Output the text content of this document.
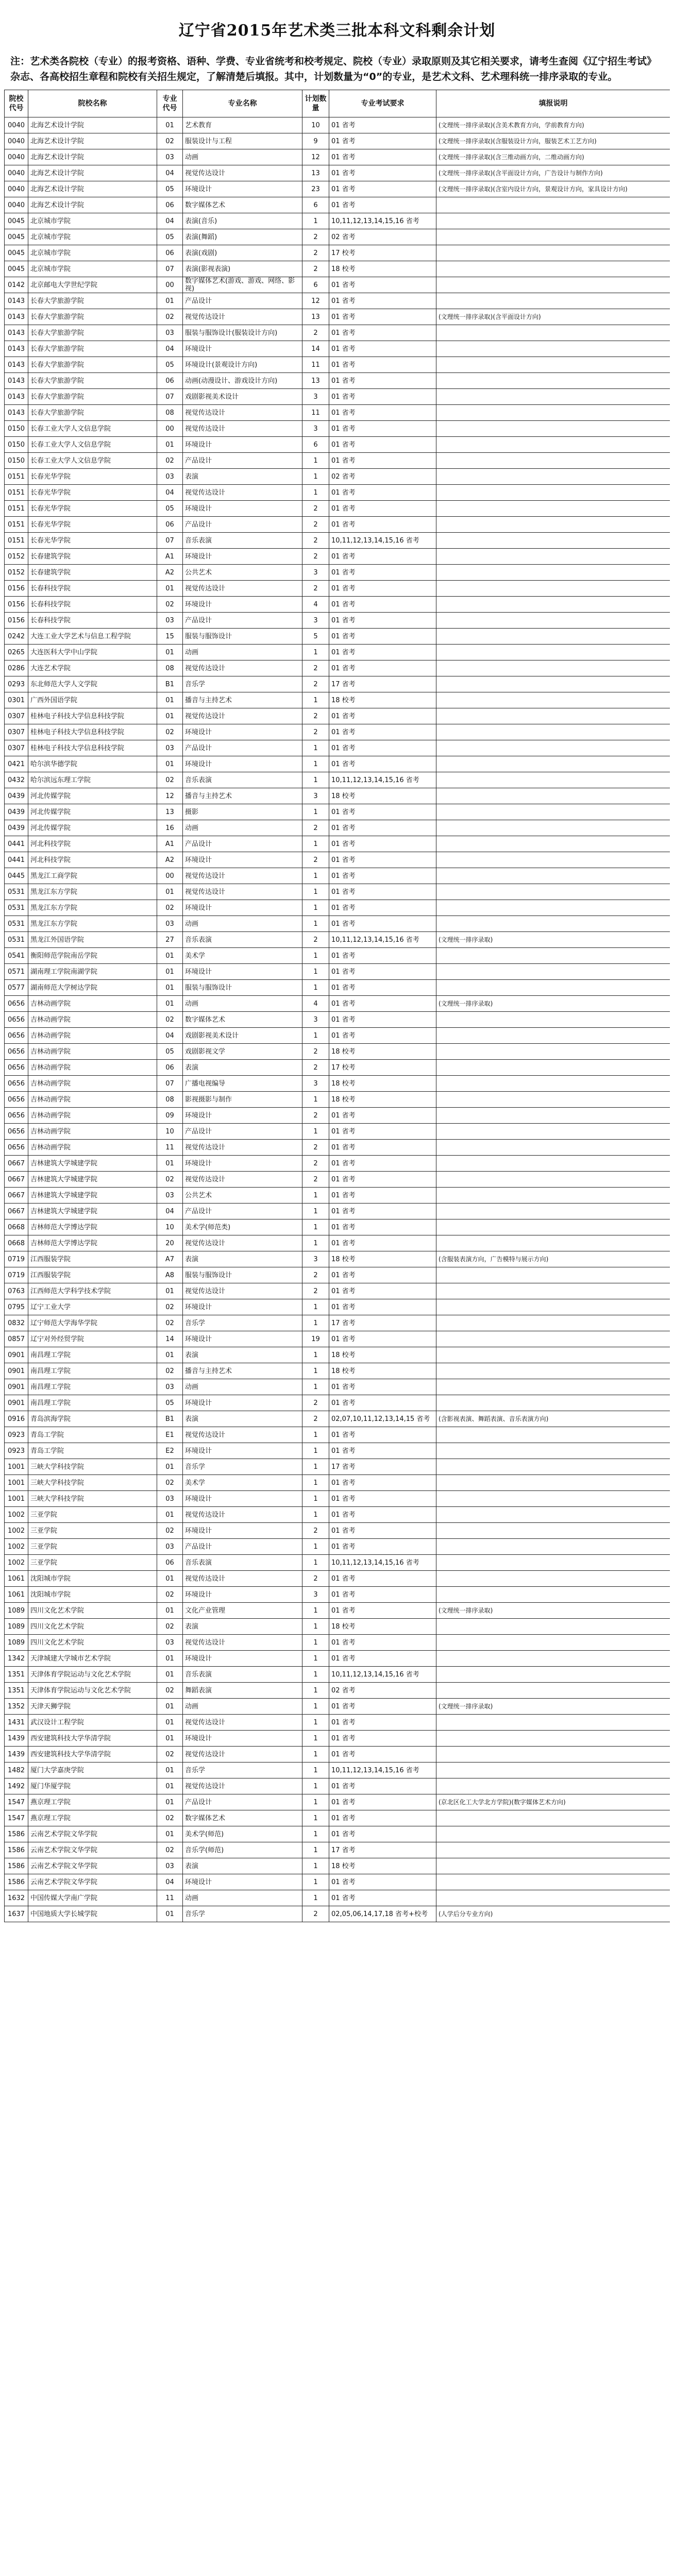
辽宁省2015年艺术类三批本科文科剩余计划
注：艺术类各院校（专业）的报考资格、语种、学费、专业省统考和校考规定、院校（专业）录取原则及其它相关要求，请考生查阅《辽宁招生考试》杂志、各高校招生章程和院校有关招生规定，了解清楚后填报。其中，计划数量为“0”的专业，是艺术文科、艺术理科统一排序录取的专业。
院校代号	院校名称	专业代号	专业名称	计划数量	专业考试要求	填报说明
0040	北海艺术设计学院	01	艺术教育	10	01 省考	(文理统一排序录取)(含美术教育方向，学前教育方向)
0040	北海艺术设计学院	02	服装设计与工程	9	01 省考	(文理统一排序录取)(含服装设计方向，服装艺术工艺方向)
0040	北海艺术设计学院	03	动画	12	01 省考	(文理统一排序录取)(含三维动画方向，二维动画方向)
0040	北海艺术设计学院	04	视觉传达设计	13	01 省考	(文理统一排序录取)(含平面设计方向，广告设计与制作方向)
0040	北海艺术设计学院	05	环境设计	23	01 省考	(文理统一排序录取)(含室内设计方向，景观设计方向，家具设计方向)
0040	北海艺术设计学院	06	数字媒体艺术	6	01 省考	
0045	北京城市学院	04	表演(音乐)	1	10,11,12,13,14,15,16 省考	
0045	北京城市学院	05	表演(舞蹈)	2	02 省考	
0045	北京城市学院	06	表演(戏剧)	2	17 校考	
0045	北京城市学院	07	表演(影视表演)	2	18 校考	
0142	北京邮电大学世纪学院	00	数字媒体艺术(游戏、游戏、网络、影视)	6	01 省考	
0143	长春大学旅游学院	01	产品设计	12	01 省考	
0143	长春大学旅游学院	02	视觉传达设计	13	01 省考	(文理统一排序录取)(含平面设计方向)
0143	长春大学旅游学院	03	服装与服饰设计(服装设计方向)	2	01 省考	
0143	长春大学旅游学院	04	环境设计	14	01 省考	
0143	长春大学旅游学院	05	环境设计(景观设计方向)	11	01 省考	
0143	长春大学旅游学院	06	动画(动漫设计、游戏设计方向)	13	01 省考	
0143	长春大学旅游学院	07	戏剧影视美术设计	3	01 省考	
0143	长春大学旅游学院	08	视觉传达设计	11	01 省考	
0150	长春工业大学人文信息学院	00	视觉传达设计	3	01 省考	
0150	长春工业大学人文信息学院	01	环境设计	6	01 省考	
0150	长春工业大学人文信息学院	02	产品设计	1	01 省考	
0151	长春光华学院	03	表演	1	02 省考	
0151	长春光华学院	04	视觉传达设计	1	01 省考	
0151	长春光华学院	05	环境设计	2	01 省考	
0151	长春光华学院	06	产品设计	2	01 省考	
0151	长春光华学院	07	音乐表演	2	10,11,12,13,14,15,16 省考	
0152	长春建筑学院	A1	环境设计	2	01 省考	
0152	长春建筑学院	A2	公共艺术	3	01 省考	
0156	长春科技学院	01	视觉传达设计	2	01 省考	
0156	长春科技学院	02	环境设计	4	01 省考	
0156	长春科技学院	03	产品设计	3	01 省考	
0242	大连工业大学艺术与信息工程学院	15	服装与服饰设计	5	01 省考	
0265	大连医科大学中山学院	01	动画	1	01 省考	
0286	大连艺术学院	08	视觉传达设计	2	01 省考	
0293	东北师范大学人文学院	B1	音乐学	2	17 省考	
0301	广西外国语学院	01	播音与主持艺术	1	18 校考	
0307	桂林电子科技大学信息科技学院	01	视觉传达设计	2	01 省考	
0307	桂林电子科技大学信息科技学院	02	环境设计	2	01 省考	
0307	桂林电子科技大学信息科技学院	03	产品设计	1	01 省考	
0421	哈尔滨华德学院	01	环境设计	1	01 省考	
0432	哈尔滨远东理工学院	02	音乐表演	1	10,11,12,13,14,15,16 省考	
0439	河北传媒学院	12	播音与主持艺术	3	18 校考	
0439	河北传媒学院	13	摄影	1	01 省考	
0439	河北传媒学院	16	动画	2	01 省考	
0441	河北科技学院	A1	产品设计	1	01 省考	
0441	河北科技学院	A2	环境设计	2	01 省考	
0445	黑龙江工商学院	00	视觉传达设计	1	01 省考	
0531	黑龙江东方学院	01	视觉传达设计	1	01 省考	
0531	黑龙江东方学院	02	环境设计	1	01 省考	
0531	黑龙江东方学院	03	动画	1	01 省考	
0531	黑龙江外国语学院	27	音乐表演	2	10,11,12,13,14,15,16 省考	(文理统一排序录取)
0541	衡阳师范学院南岳学院	01	美术学	1	01 省考	
0571	湖南理工学院南湖学院	01	环境设计	1	01 省考	
0577	湖南师范大学树达学院	01	服装与服饰设计	1	01 省考	
0656	吉林动画学院	01	动画	4	01 省考	(文理统一排序录取)
0656	吉林动画学院	02	数字媒体艺术	3	01 省考	
0656	吉林动画学院	04	戏剧影视美术设计	1	01 省考	
0656	吉林动画学院	05	戏剧影视文学	2	18 校考	
0656	吉林动画学院	06	表演	2	17 校考	
0656	吉林动画学院	07	广播电视编导	3	18 校考	
0656	吉林动画学院	08	影视摄影与制作	1	18 校考	
0656	吉林动画学院	09	环境设计	2	01 省考	
0656	吉林动画学院	10	产品设计	1	01 省考	
0656	吉林动画学院	11	视觉传达设计	2	01 省考	
0667	吉林建筑大学城建学院	01	环境设计	2	01 省考	
0667	吉林建筑大学城建学院	02	视觉传达设计	2	01 省考	
0667	吉林建筑大学城建学院	03	公共艺术	1	01 省考	
0667	吉林建筑大学城建学院	04	产品设计	1	01 省考	
0668	吉林师范大学博达学院	10	美术学(师范类)	1	01 省考	
0668	吉林师范大学博达学院	20	视觉传达设计	1	01 省考	
0719	江西服装学院	A7	表演	3	18 校考	(含服装表演方向，广告模特与展示方向)
0719	江西服装学院	A8	服装与服饰设计	2	01 省考	
0763	江西师范大学科学技术学院	01	视觉传达设计	2	01 省考	
0795	辽宁工业大学	02	环境设计	1	01 省考	
0832	辽宁师范大学海华学院	02	音乐学	1	17 省考	
0857	辽宁对外经贸学院	14	环境设计	19	01 省考	
0901	南昌理工学院	01	表演	1	18 校考	
0901	南昌理工学院	02	播音与主持艺术	1	18 校考	
0901	南昌理工学院	03	动画	1	01 省考	
0901	南昌理工学院	05	环境设计	2	01 省考	
0916	青岛滨海学院	B1	表演	2	02,07,10,11,12,13,14,15 省考	(含影视表演、舞蹈表演、音乐表演方向)
0923	青岛工学院	E1	视觉传达设计	1	01 省考	
0923	青岛工学院	E2	环境设计	1	01 省考	
1001	三峡大学科技学院	01	音乐学	1	17 省考	
1001	三峡大学科技学院	02	美术学	1	01 省考	
1001	三峡大学科技学院	03	环境设计	1	01 省考	
1002	三亚学院	01	视觉传达设计	1	01 省考	
1002	三亚学院	02	环境设计	2	01 省考	
1002	三亚学院	03	产品设计	1	01 省考	
1002	三亚学院	06	音乐表演	1	10,11,12,13,14,15,16 省考	
1061	沈阳城市学院	01	视觉传达设计	2	01 省考	
1061	沈阳城市学院	02	环境设计	3	01 省考	
1089	四川文化艺术学院	01	文化产业管理	1	01 省考	(文理统一排序录取)
1089	四川文化艺术学院	02	表演	1	18 校考	
1089	四川文化艺术学院	03	视觉传达设计	1	01 省考	
1342	天津城建大学城市艺术学院	01	环境设计	1	01 省考	
1351	天津体育学院运动与文化艺术学院	01	音乐表演	1	10,11,12,13,14,15,16 省考	
1351	天津体育学院运动与文化艺术学院	02	舞蹈表演	1	02 省考	
1352	天津天狮学院	01	动画	1	01 省考	(文理统一排序录取)
1431	武汉设计工程学院	01	视觉传达设计	1	01 省考	
1439	西安建筑科技大学华清学院	01	环境设计	1	01 省考	
1439	西安建筑科技大学华清学院	02	视觉传达设计	1	01 省考	
1482	厦门大学嘉庚学院	01	音乐学	1	10,11,12,13,14,15,16 省考	
1492	厦门华厦学院	01	视觉传达设计	1	01 省考	
1547	燕京理工学院	01	产品设计	1	01 省考	(京北区化工大学北方学院)(数字媒体艺术方向)
1547	燕京理工学院	02	数字媒体艺术	1	01 省考	
1586	云南艺术学院文华学院	01	美术学(师范)	1	01 省考	
1586	云南艺术学院文华学院	02	音乐学(师范)	1	17 省考	
1586	云南艺术学院文华学院	03	表演	1	18 校考	
1586	云南艺术学院文华学院	04	环境设计	1	01 省考	
1632	中国传媒大学南广学院	11	动画	1	01 省考	
1637	中国地质大学长城学院	01	音乐学	2	02,05,06,14,17,18 省考+校考	(人学后分专业方向)
